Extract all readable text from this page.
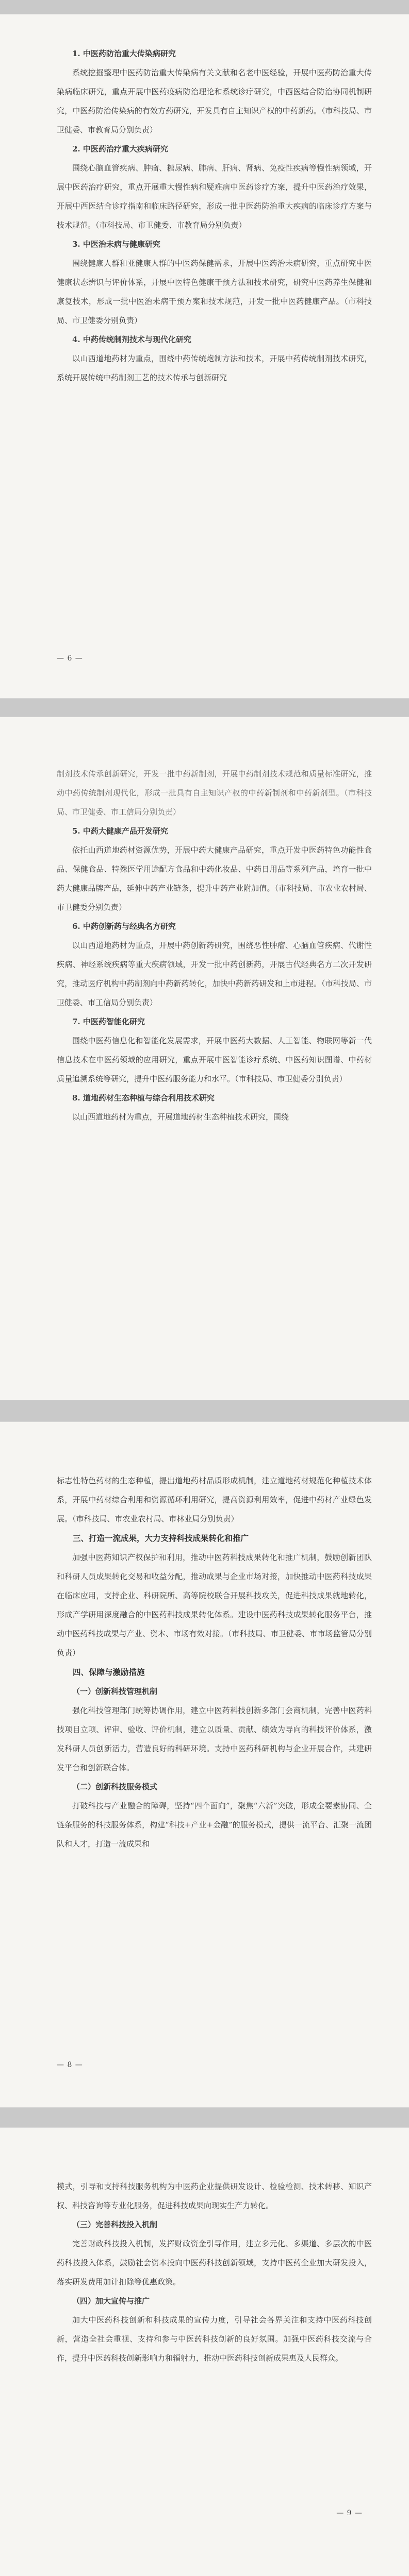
1. 中医药防治重大传染病研究

系统挖掘整理中医药防治重大传染病有关文献和名老中医经验，开展中医药防治重大传染病临床研究，重点开展中医药疫病防治理论和系统诊疗研究，中西医结合防治协同机制研究，中医药防治传染病的有效方药研究，开发具有自主知识产权的中药新药。（市科技局、市卫健委、市教育局分别负责）

2. 中医药治疗重大疾病研究

围绕心脑血管疾病、肿瘤、糖尿病、肺病、肝病、肾病、免疫性疾病等慢性病领域，开展中医药治疗研究，重点开展重大慢性病和疑难病中医药诊疗方案，提升中医药治疗效果，开展中西医结合诊疗指南和临床路径研究，形成一批中医药防治重大疾病的临床诊疗方案与技术规范。（市科技局、市卫健委、市教育局分别负责）

3. 中医治未病与健康研究

围绕健康人群和亚健康人群的中医药保健需求，开展中医药治未病研究，重点研究中医健康状态辨识与评价体系，开展中医特色健康干预方法和技术研究，研究中医药养生保健和康复技术，形成一批中医治未病干预方案和技术规范，开发一批中医药健康产品。（市科技局、市卫健委分别负责）

4. 中药传统制剂技术与现代化研究

以山西道地药材为重点，围绕中药传统炮制方法和技术，开展中药传统制剂技术研究，系统开展传统中药制剂工艺的技术传承与创新研究

— 6 —

制剂技术传承创新研究，开发一批中药新制剂，开展中药制剂技术规范和质量标准研究，推动中药传统制剂现代化，形成一批具有自主知识产权的中药新制剂和中药新剂型。（市科技局、市卫健委、市工信局分别负责）

5. 中药大健康产品开发研究

依托山西道地药材资源优势，开展中药大健康产品研究，重点开发中医药特色功能性食品、保健食品、特殊医学用途配方食品和中药化妆品、中药日用品等系列产品，培育一批中药大健康品牌产品，延伸中药产业链条，提升中药产业附加值。（市科技局、市农业农村局、市卫健委分别负责）

6. 中药创新药与经典名方研究

以山西道地药材为重点，开展中药创新药研究，围绕恶性肿瘤、心脑血管疾病、代谢性疾病、神经系统疾病等重大疾病领域，开发一批中药创新药，开展古代经典名方二次开发研究，推动医疗机构中药制剂向中药新药转化，加快中药新药研发和上市进程。（市科技局、市卫健委、市工信局分别负责）

7. 中医药智能化研究

围绕中医药信息化和智能化发展需求，开展中医药大数据、人工智能、物联网等新一代信息技术在中医药领域的应用研究，重点开展中医智能诊疗系统、中医药知识图谱、中药材质量追溯系统等研究，提升中医药服务能力和水平。（市科技局、市卫健委分别负责）

8. 道地药材生态种植与综合利用技术研究

以山西道地药材为重点，开展道地药材生态种植技术研究，围绕

标志性特色药材的生态种植，提出道地药材品质形成机制，建立道地药材规范化种植技术体系，开展中药材综合利用和资源循环利用研究，提高资源利用效率，促进中药材产业绿色发展。（市科技局、市农业农村局、市林业局分别负责）

三、打造一流成果，大力支持科技成果转化和推广

加强中医药知识产权保护和利用，推动中医药科技成果转化和推广机制，鼓励创新团队和科研人员成果转化交易和收益分配，推动成果与企业市场对接，加快推动中医药科技成果在临床应用，支持企业、科研院所、高等院校联合开展科技攻关，促进科技成果就地转化，形成产学研用深度融合的中医药科技成果转化体系。建设中医药科技成果转化服务平台，推动中医药科技成果与产业、资本、市场有效对接。（市科技局、市卫健委、市市场监管局分别负责）

四、保障与激励措施
（一）创新科技管理机制

强化科技管理部门统筹协调作用，建立中医药科技创新多部门会商机制，完善中医药科技项目立项、评审、验收、评价机制，建立以质量、贡献、绩效为导向的科技评价体系，激发科研人员创新活力，营造良好的科研环境。支持中医药科研机构与企业开展合作，共建研发平台和创新联合体。

（二）创新科技服务模式

打破科技与产业融合的障碍，坚持“四个面向”，聚焦“六新”突破，形成全要素协同、全链条服务的科技服务体系，构建“科技+产业+金融”的服务模式，提供一流平台、汇聚一流团队和人才，打造一流成果和

— 8 —

模式，引导和支持科技服务机构为中医药企业提供研发设计、检验检测、技术转移、知识产权、科技咨询等专业化服务，促进科技成果向现实生产力转化。

（三）完善科技投入机制

完善财政科技投入机制，发挥财政资金引导作用，建立多元化、多渠道、多层次的中医药科技投入体系，鼓励社会资本投向中医药科技创新领域，支持中医药企业加大研发投入，落实研发费用加计扣除等优惠政策。

（四）加大宣传与推广

加大中医药科技创新和科技成果的宣传力度，引导社会各界关注和支持中医药科技创新，营造全社会重视、支持和参与中医药科技创新的良好氛围。加强中医药科技交流与合作，提升中医药科技创新影响力和辐射力，推动中医药科技创新成果惠及人民群众。

— 9 —
